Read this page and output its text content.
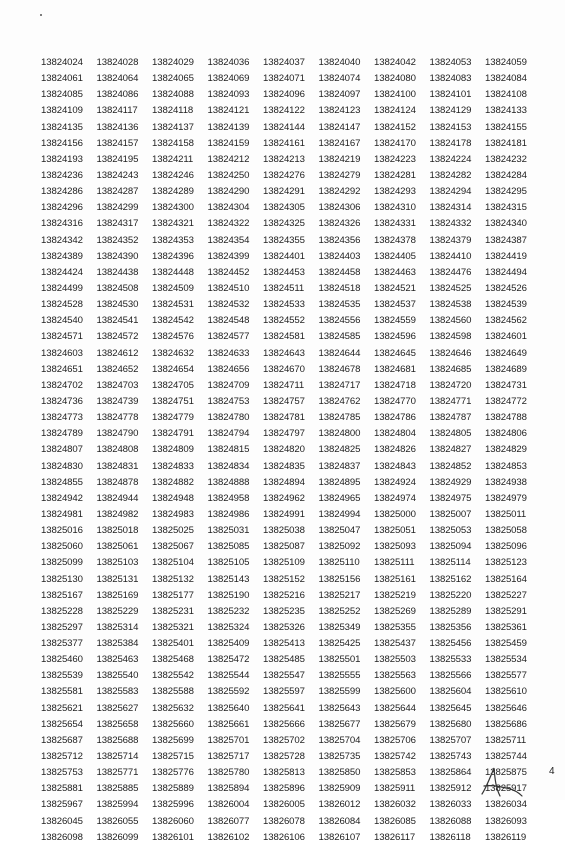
13824024	13824028	13824029	13824036	13824037	13824040	13824042	13824053	13824059
13824061	13824064	13824065	13824069	13824071	13824074	13824080	13824083	13824084
13824085	13824086	13824088	13824093	13824096	13824097	13824100	13824101	13824108
13824109	13824117	13824118	13824121	13824122	13824123	13824124	13824129	13824133
13824135	13824136	13824137	13824139	13824144	13824147	13824152	13824153	13824155
13824156	13824157	13824158	13824159	13824161	13824167	13824170	13824178	13824181
13824193	13824195	13824211	13824212	13824213	13824219	13824223	13824224	13824232
13824236	13824243	13824246	13824250	13824276	13824279	13824281	13824282	13824284
13824286	13824287	13824289	13824290	13824291	13824292	13824293	13824294	13824295
13824296	13824299	13824300	13824304	13824305	13824306	13824310	13824314	13824315
13824316	13824317	13824321	13824322	13824325	13824326	13824331	13824332	13824340
13824342	13824352	13824353	13824354	13824355	13824356	13824378	13824379	13824387
13824389	13824390	13824396	13824399	13824401	13824403	13824405	13824410	13824419
13824424	13824438	13824448	13824452	13824453	13824458	13824463	13824476	13824494
13824499	13824508	13824509	13824510	13824511	13824518	13824521	13824525	13824526
13824528	13824530	13824531	13824532	13824533	13824535	13824537	13824538	13824539
13824540	13824541	13824542	13824548	13824552	13824556	13824559	13824560	13824562
13824571	13824572	13824576	13824577	13824581	13824585	13824596	13824598	13824601
13824603	13824612	13824632	13824633	13824643	13824644	13824645	13824646	13824649
13824651	13824652	13824654	13824656	13824670	13824678	13824681	13824685	13824689
13824702	13824703	13824705	13824709	13824711	13824717	13824718	13824720	13824731
13824736	13824739	13824751	13824753	13824757	13824762	13824770	13824771	13824772
13824773	13824778	13824779	13824780	13824781	13824785	13824786	13824787	13824788
13824789	13824790	13824791	13824794	13824797	13824800	13824804	13824805	13824806
13824807	13824808	13824809	13824815	13824820	13824825	13824826	13824827	13824829
13824830	13824831	13824833	13824834	13824835	13824837	13824843	13824852	13824853
13824855	13824878	13824882	13824888	13824894	13824895	13824924	13824929	13824938
13824942	13824944	13824948	13824958	13824962	13824965	13824974	13824975	13824979
13824981	13824982	13824983	13824986	13824991	13824994	13825000	13825007	13825011
13825016	13825018	13825025	13825031	13825038	13825047	13825051	13825053	13825058
13825060	13825061	13825067	13825085	13825087	13825092	13825093	13825094	13825096
13825099	13825103	13825104	13825105	13825109	13825110	13825111	13825114	13825123
13825130	13825131	13825132	13825143	13825152	13825156	13825161	13825162	13825164
13825167	13825169	13825177	13825190	13825216	13825217	13825219	13825220	13825227
13825228	13825229	13825231	13825232	13825235	13825252	13825269	13825289	13825291
13825297	13825314	13825321	13825324	13825326	13825349	13825355	13825356	13825361
13825377	13825384	13825401	13825409	13825413	13825425	13825437	13825456	13825459
13825460	13825463	13825468	13825472	13825485	13825501	13825503	13825533	13825534
13825539	13825540	13825542	13825544	13825547	13825555	13825563	13825566	13825577
13825581	13825583	13825588	13825592	13825597	13825599	13825600	13825604	13825610
13825621	13825627	13825632	13825640	13825641	13825643	13825644	13825645	13825646
13825654	13825658	13825660	13825661	13825666	13825677	13825679	13825680	13825686
13825687	13825688	13825699	13825701	13825702	13825704	13825706	13825707	13825711
13825712	13825714	13825715	13825717	13825728	13825735	13825742	13825743	13825744
13825753	13825771	13825776	13825780	13825813	13825850	13825853	13825864	13825875
13825881	13825885	13825889	13825894	13825896	13825909	13825911	13825912	13825917
13825967	13825994	13825996	13826004	13826005	13826012	13826032	13826033	13826034
13826045	13826055	13826060	13826077	13826078	13826084	13826085	13826088	13826093
13826098	13826099	13826101	13826102	13826106	13826107	13826117	13826118	13826119
4
